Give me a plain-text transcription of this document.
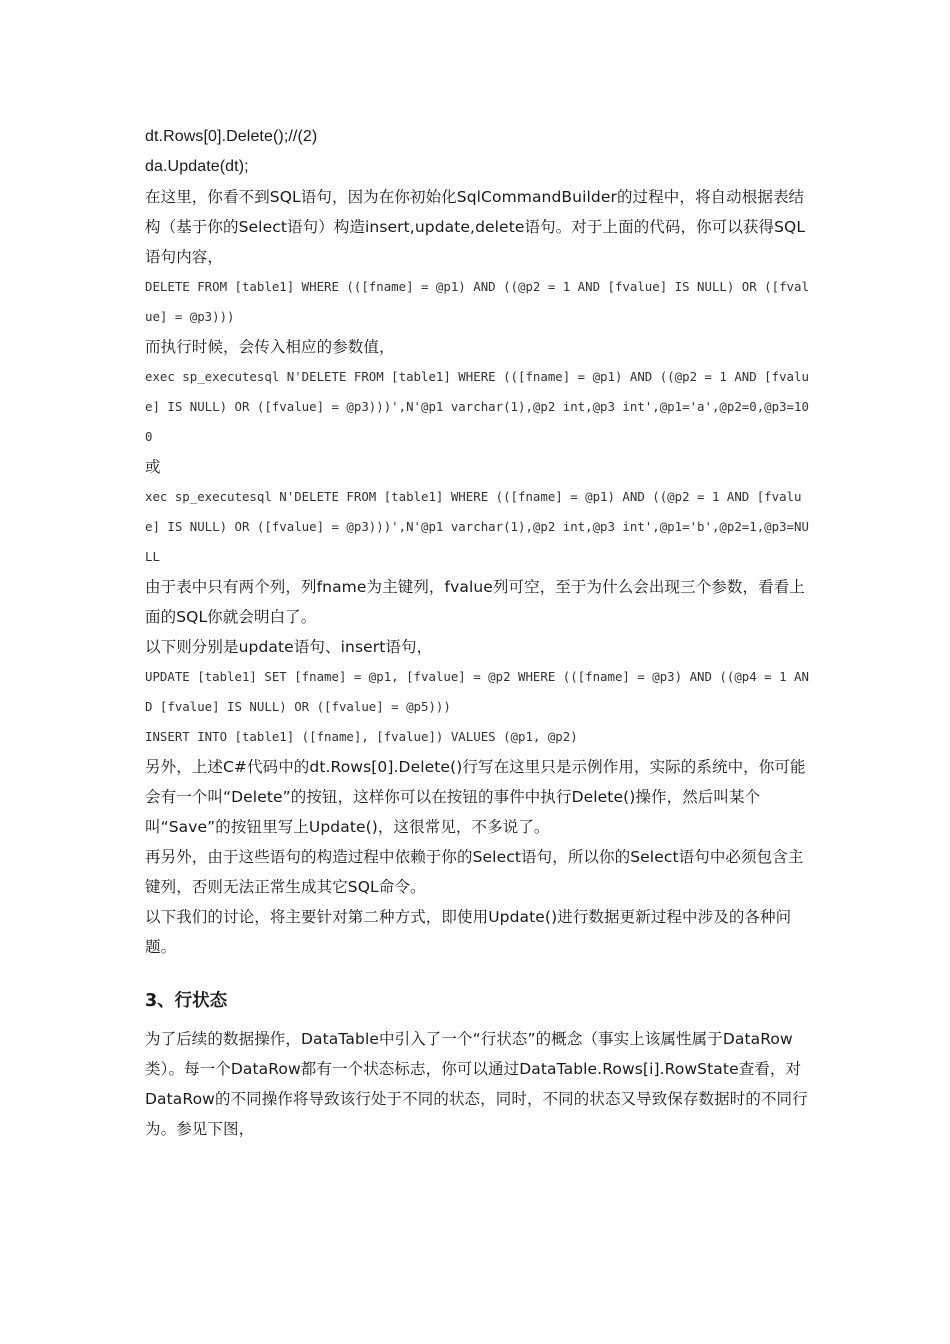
dt.Rows[0].Delete();//(2)

da.Update(dt);

在这里，你看不到SQL语句，因为在你初始化SqlCommandBuilder的过程中，将自动根据表结构（基于你的Select语句）构造insert,update,delete语句。对于上面的代码，你可以获得SQL语句内容，

DELETE FROM [table1] WHERE (([fname] = @p1) AND ((@p2 = 1 AND [fvalue] IS NULL) OR ([fvalue] = @p3)))

而执行时候，会传入相应的参数值，

exec sp_executesql N'DELETE FROM [table1] WHERE (([fname] = @p1) AND ((@p2 = 1 AND [fvalue] IS NULL) OR ([fvalue] = @p3)))',N'@p1 varchar(1),@p2 int,@p3 int',@p1='a',@p2=0,@p3=100

或

xec sp_executesql N'DELETE FROM [table1] WHERE (([fname] = @p1) AND ((@p2 = 1 AND [fvalue] IS NULL) OR ([fvalue] = @p3)))',N'@p1 varchar(1),@p2 int,@p3 int',@p1='b',@p2=1,@p3=NULL

由于表中只有两个列，列fname为主键列，fvalue列可空，至于为什么会出现三个参数，看看上面的SQL你就会明白了。

以下则分别是update语句、insert语句，

UPDATE [table1] SET [fname] = @p1, [fvalue] = @p2 WHERE (([fname] = @p3) AND ((@p4 = 1 AND [fvalue] IS NULL) OR ([fvalue] = @p5)))

INSERT INTO [table1] ([fname], [fvalue]) VALUES (@p1, @p2)

另外，上述C#代码中的dt.Rows[0].Delete()行写在这里只是示例作用，实际的系统中，你可能会有一个叫“Delete”的按钮，这样你可以在按钮的事件中执行Delete()操作，然后叫某个叫“Save”的按钮里写上Update()，这很常见，不多说了。

再另外，由于这些语句的构造过程中依赖于你的Select语句，所以你的Select语句中必须包含主键列，否则无法正常生成其它SQL命令。

以下我们的讨论，将主要针对第二种方式，即使用Update()进行数据更新过程中涉及的各种问题。

3、行状态

为了后续的数据操作，DataTable中引入了一个“行状态”的概念（事实上该属性属于DataRow类）。每一个DataRow都有一个状态标志，你可以通过DataTable.Rows[i].RowState查看，对DataRow的不同操作将导致该行处于不同的状态，同时，不同的状态又导致保存数据时的不同行为。参见下图，
